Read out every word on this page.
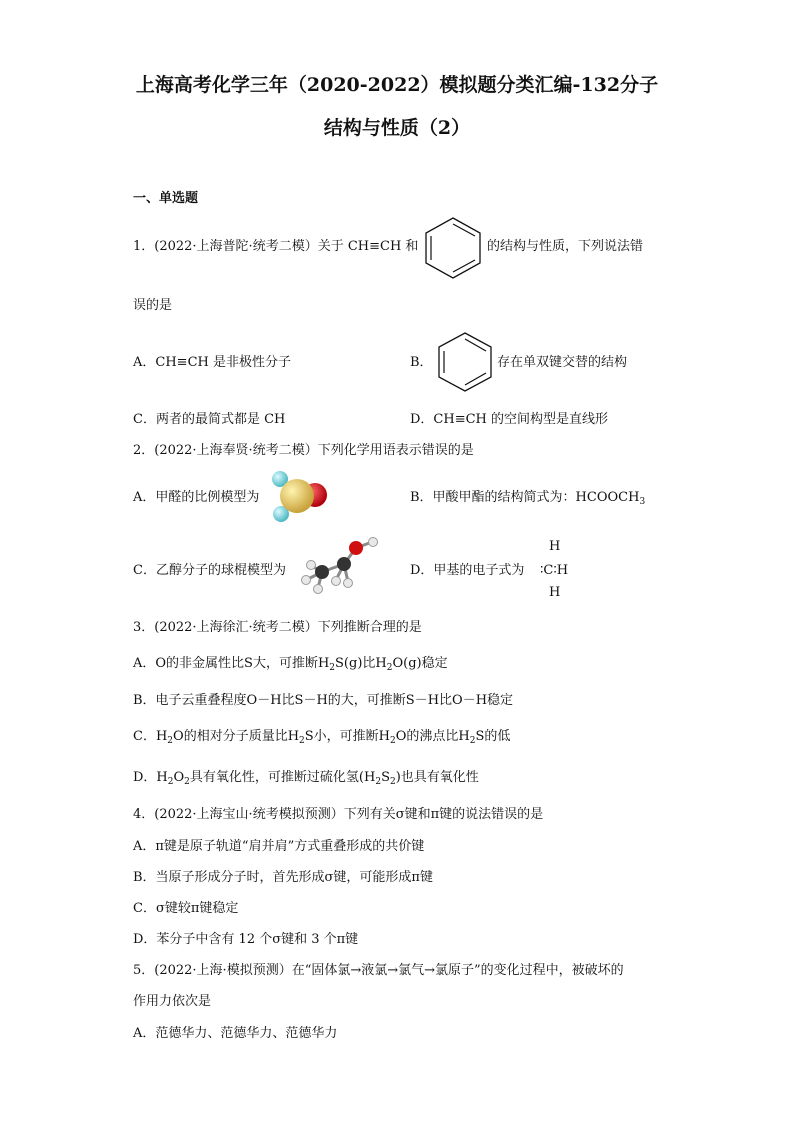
上海高考化学三年（2020-2022）模拟题分类汇编-132分子
结构与性质（2）
一、单选题
1．(2022·上海普陀·统考二模）关于 CH≡CH 和	的结构与性质，下列说法错
误的是
A．CH≡CH 是非极性分子	B．	存在单双键交替的结构
C．两者的最简式都是 CH	D．CH≡CH 的空间构型是直线形
2．(2022·上海奉贤·统考二模）下列化学用语表示错误的是
A．甲醛的比例模型为	B．甲酸甲酯的结构简式为：$HCOOCH_3$
C．乙醇分子的球棍模型为	D．甲基的电子式为
H
∶C∶H
H
3．(2022·上海徐汇·统考二模）下列推断合理的是
A．O的非金属性比S大，可推断$H_2S(g)$比$H_2O(g)$稳定
B．电子云重叠程度O－H比S－H的大，可推断S－H比O－H稳定
C．$H_2O$的相对分子质量比$H_2S$小，可推断$H_2O$的沸点比$H_2S$的低
D．$H_2O_2$具有氧化性，可推断过硫化氢$(H_2S_2)$也具有氧化性
4．(2022·上海宝山·统考模拟预测）下列有关σ键和π键的说法错误的是
A．π键是原子轨道“肩并肩”方式重叠形成的共价键
B．当原子形成分子时，首先形成σ键，可能形成π键
C．σ键较π键稳定
D．苯分子中含有 12 个σ键和 3 个π键
5．(2022·上海·模拟预测）在“固体氯→液氯→氯气→氯原子”的变化过程中，被破坏的
作用力依次是
A．范德华力、范德华力、范德华力
